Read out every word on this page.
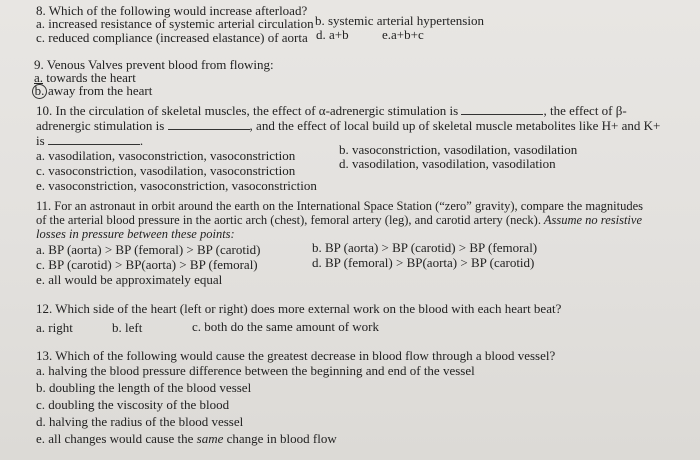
8. Which of the following would increase afterload?
a. increased resistance of systemic arterial circulation b. systemic arterial hypertension
c. reduced compliance (increased elastance) of aorta d. a+b	e.a+b+c
9. Venous Valves prevent blood from flowing:
a. towards the heart
b. away from the heart
10. In the circulation of skeletal muscles, the effect of α-adrenergic stimulation is	, the effect of β-
adrenergic stimulation is	, and the effect of local build up of skeletal muscle metabolites like H+ and K+
is	.
a. vasodilation, vasoconstriction, vasoconstriction	b. vasoconstriction, vasodilation, vasodilation
c. vasoconstriction, vasodilation, vasoconstriction	d. vasodilation, vasodilation, vasodilation
e. vasoconstriction, vasoconstriction, vasoconstriction
11. For an astronaut in orbit around the earth on the International Space Station (“zero” gravity), compare the magnitudes
of the arterial blood pressure in the aortic arch (chest), femoral artery (leg), and carotid artery (neck). Assume no resistive
losses in pressure between these points:
a. BP (aorta) > BP (femoral) > BP (carotid)	b. BP (aorta) > BP (carotid) > BP (femoral)
c. BP (carotid) > BP(aorta) > BP (femoral)	d. BP (femoral) > BP(aorta) > BP (carotid)
e. all would be approximately equal
12. Which side of the heart (left or right) does more external work on the blood with each heart beat?
a. right	b. left	c. both do the same amount of work
13. Which of the following would cause the greatest decrease in blood flow through a blood vessel?
a. halving the blood pressure difference between the beginning and end of the vessel
b. doubling the length of the blood vessel
c. doubling the viscosity of the blood
d. halving the radius of the blood vessel
e. all changes would cause the same change in blood flow
